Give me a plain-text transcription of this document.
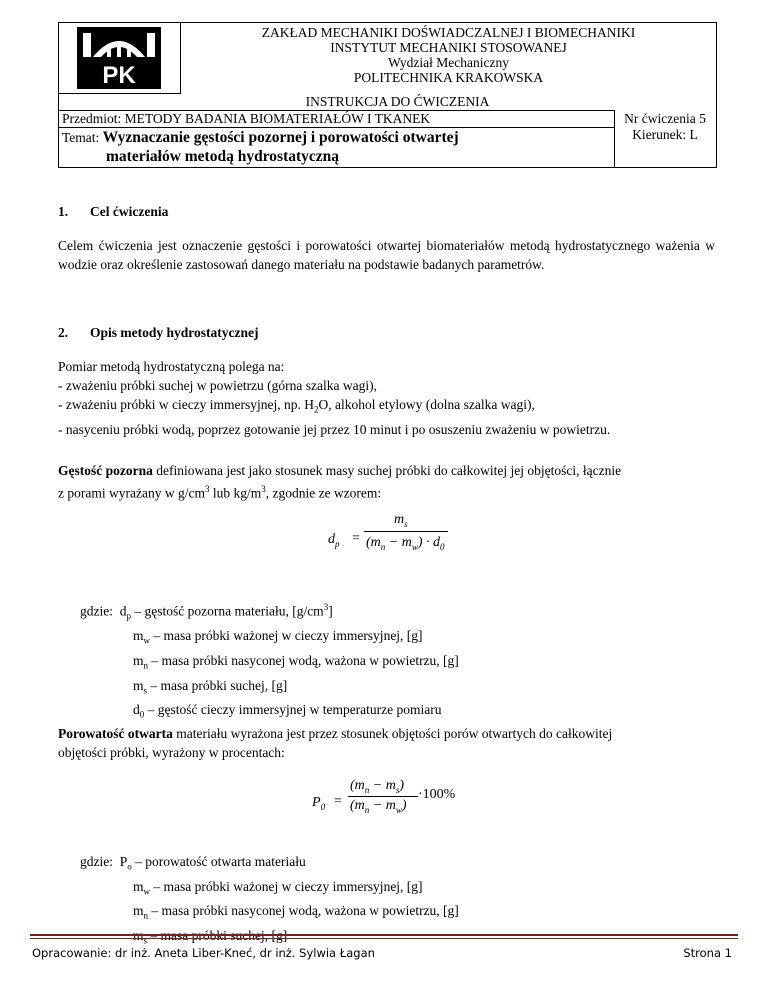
PK
ZAKŁAD MECHANIKI DOŚWIADCZALNEJ I BIOMECHANIKI
INSTYTUT MECHANIKI STOSOWANEJ
Wydział Mechaniczny
POLITECHNIKA KRAKOWSKA
INSTRUKCJA DO ĆWICZENIA
Przedmiot: METODY BADANIA BIOMATERIAŁÓW I TKANEK	Nr ćwiczenia 5
Kierunek: L
Temat: Wyznaczanie gęstości pozornej i porowatości otwartej
materiałów metodą hydrostatyczną
1. Cel ćwiczenia

Celem ćwiczenia jest oznaczenie gęstości i porowatości otwartej biomateriałów metodą hydrostatycznego ważenia w wodzie oraz określenie zastosowań danego materiału na podstawie badanych parametrów.

2. Opis metody hydrostatycznej
Pomiar metodą hydrostatyczną polega na:
- zważeniu próbki suchej w powietrzu (górna szalka wagi),
- zważeniu próbki w cieczy immersyjnej, np. $H_2O$, alkohol etylowy (dolna szalka wagi),
- nasyceniu próbki wodą, poprzez gotowanie jej przez 10 minut i po osuszeniu zważeniu w powietrzu.
Gęstość pozorna definiowana jest jako stosunek masy suchej próbki do całkowitej jej objętości, łącznie
z porami wyrażany w $g/cm^3$ lub $kg/m^3$, zgodnie ze wzorem:
$d_p$ =
$m_s$
$(m_n - m_w) \cdot d_0$
gdzie: $d_p$ – gęstość pozorna materiału, $[g/cm^3]$
$m_w$ – masa próbki ważonej w cieczy immersyjnej, [g]
$m_n$ – masa próbki nasyconej wodą, ważona w powietrzu, [g]
$m_s$ – masa próbki suchej, [g]
$d_0$ – gęstość cieczy immersyjnej w temperaturze pomiaru
Porowatość otwarta materiału wyrażona jest przez stosunek objętości porów otwartych do całkowitej
objętości próbki, wyrażony w procentach:
$P_0$ =
$(m_n - m_s)$
$(m_n - m_w)$
·100%
gdzie: $P_o$ – porowatość otwarta materiału
$m_w$ – masa próbki ważonej w cieczy immersyjnej, [g]
$m_n$ – masa próbki nasyconej wodą, ważona w powietrzu, [g]
$m_s$ – masa próbki suchej, [g]
Opracowanie: dr inż. Aneta Liber-Kneć, dr inż. Sylwia Łagan	Strona 1
